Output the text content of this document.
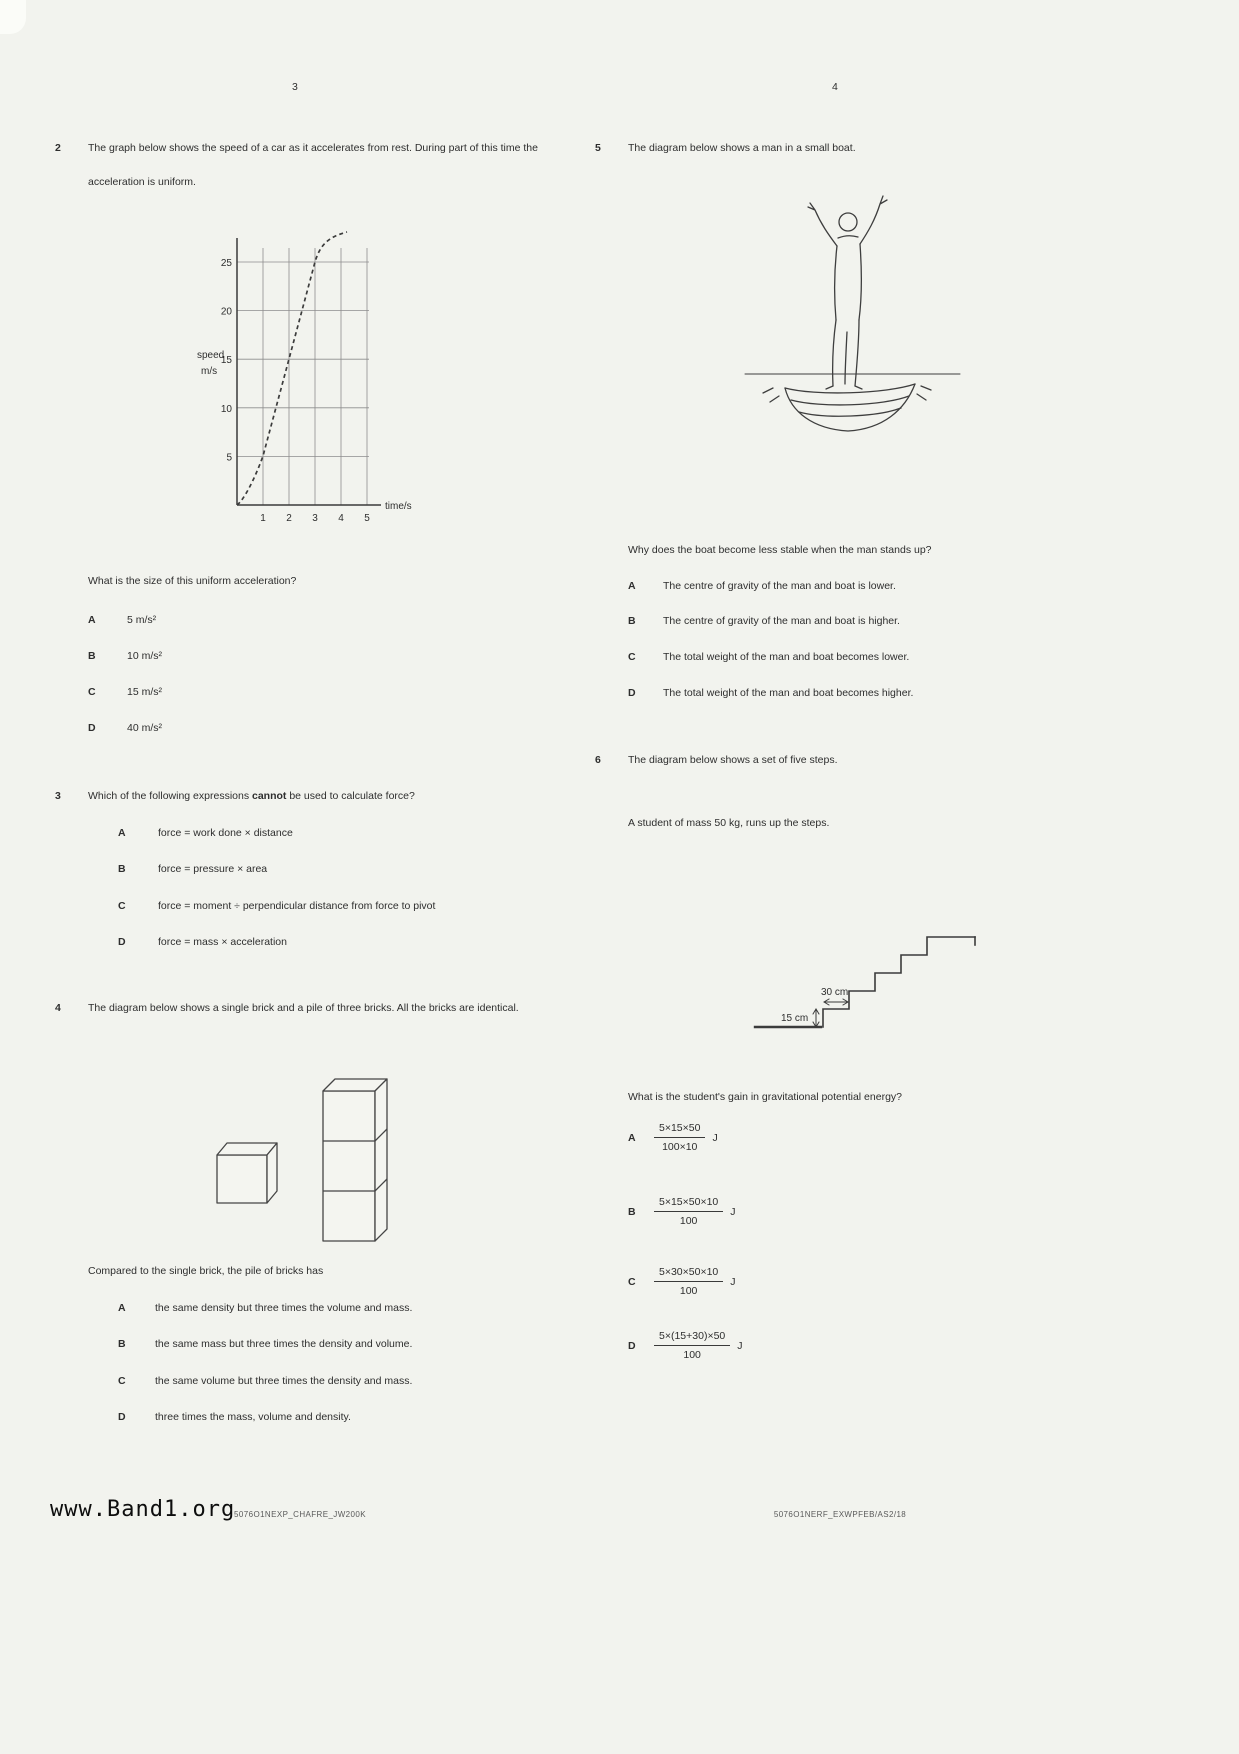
3
2	The graph below shows the speed of a car as it accelerates from rest. During part of this time the acceleration is uniform.
25
20
15
10
5
1 2 3 4 5
speed
m/s
time/s
What is the size of this uniform acceleration?
A	5 m/s²
B	10 m/s²
C	15 m/s²
D	40 m/s²
3	Which of the following expressions cannot be used to calculate force?
A	force = work done × distance
B	force = pressure × area
C	force = moment ÷ perpendicular distance from force to pivot
D	force = mass × acceleration
4	The diagram below shows a single brick and a pile of three bricks. All the bricks are identical.
Compared to the single brick, the pile of bricks has
A	the same density but three times the volume and mass.
B	the same mass but three times the density and volume.
C	the same volume but three times the density and mass.
D	three times the mass, volume and density.
5076O1NEXP_CHAFRE_JW200K
4
5	The diagram below shows a man in a small boat.
Why does the boat become less stable when the man stands up?
A	The centre of gravity of the man and boat is lower.
B	The centre of gravity of the man and boat is higher.
C	The total weight of the man and boat becomes lower.
D	The total weight of the man and boat becomes higher.
6	The diagram below shows a set of five steps.
A student of mass 50 kg, runs up the steps.
30 cm
15 cm
What is the student's gain in gravitational potential energy?
A	$\frac{5\times 15\times 50}{100\times 10}$ J
B	$\frac{5\times 15\times 50\times 10}{100}$ J
C	$\frac{5\times 30\times 50\times 10}{100}$ J
D	$\frac{5\times(15+30)\times 50}{100}$ J
5076O1NERF_EXWPFEB/AS2/18
www.Band1.org
